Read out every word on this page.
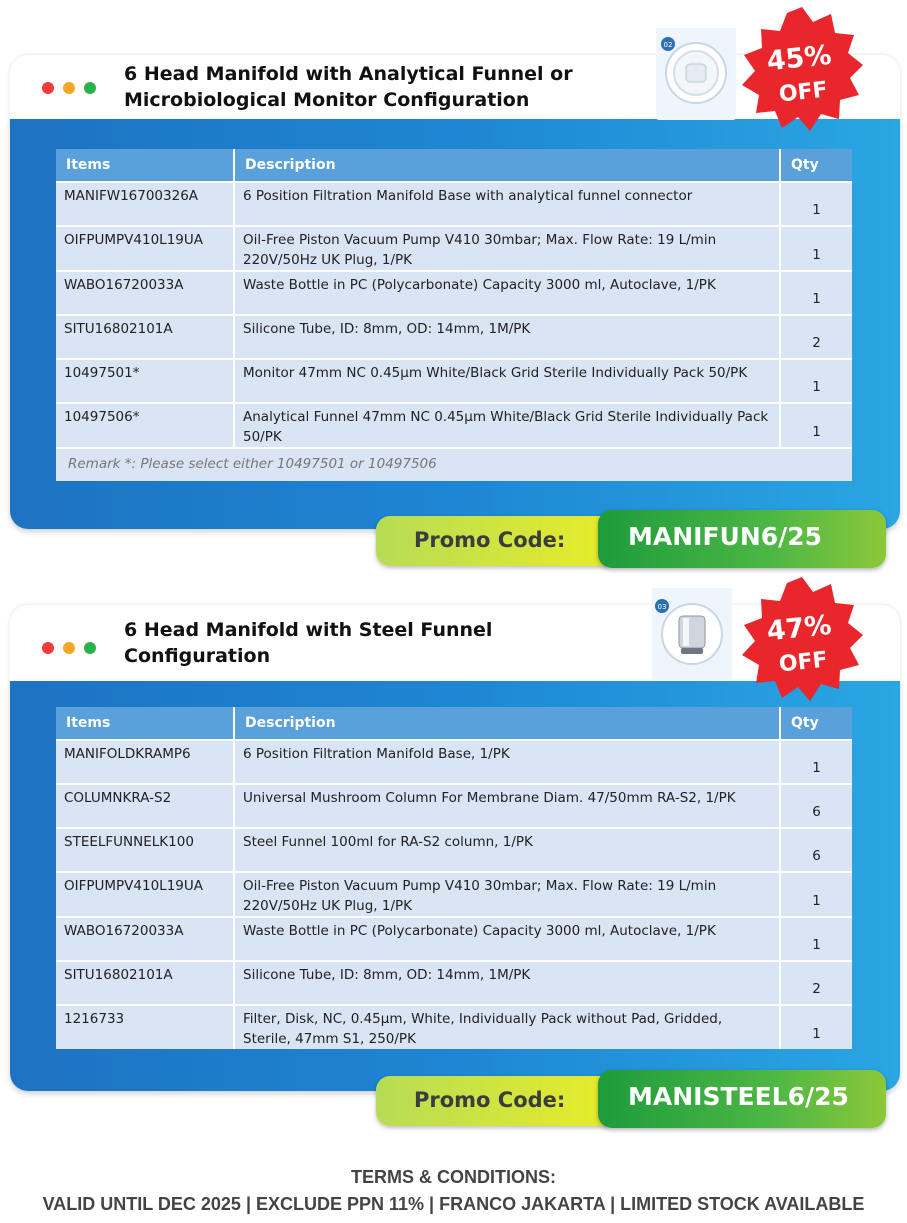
6 Head Manifold with Analytical Funnel or
Microbiological Monitor Configuration
Items	Description	Qty
MANIFW16700326A	6 Position Filtration Manifold Base with analytical funnel connector	1
OIFPUMPV410L19UA	Oil-Free Piston Vacuum Pump V410 30mbar; Max. Flow Rate: 19 L/min 220V/50Hz UK Plug, 1/PK	1
WABO16720033A	Waste Bottle in PC (Polycarbonate) Capacity 3000 ml, Autoclave, 1/PK	1
SITU16802101A	Silicone Tube, ID: 8mm, OD: 14mm, 1M/PK	2
10497501*	Monitor 47mm NC 0.45µm White/Black Grid Sterile Individually Pack 50/PK	1
10497506*	Analytical Funnel 47mm NC 0.45µm White/Black Grid Sterile Individually Pack 50/PK	1
Remark *: Please select either 10497501 or 10497506		
02	45%
OFF
Promo Code:	MANIFUN6/25
6 Head Manifold with Steel Funnel
Configuration
Items	Description	Qty
MANIFOLDKRAMP6	6 Position Filtration Manifold Base, 1/PK	1
COLUMNKRA-S2	Universal Mushroom Column For Membrane Diam. 47/50mm RA-S2, 1/PK	6
STEELFUNNELK100	Steel Funnel 100ml for RA-S2 column, 1/PK	6
OIFPUMPV410L19UA	Oil-Free Piston Vacuum Pump V410 30mbar; Max. Flow Rate: 19 L/min 220V/50Hz UK Plug, 1/PK	1
WABO16720033A	Waste Bottle in PC (Polycarbonate) Capacity 3000 ml, Autoclave, 1/PK	1
SITU16802101A	Silicone Tube, ID: 8mm, OD: 14mm, 1M/PK	2
1216733	Filter, Disk, NC, 0.45µm, White, Individually Pack without Pad, Gridded, Sterile, 47mm S1, 250/PK	1
03
47%
OFF
Promo Code:	MANISTEEL6/25
TERMS & CONDITIONS:
VALID UNTIL DEC 2025 | EXCLUDE PPN 11% | FRANCO JAKARTA | LIMITED STOCK AVAILABLE
